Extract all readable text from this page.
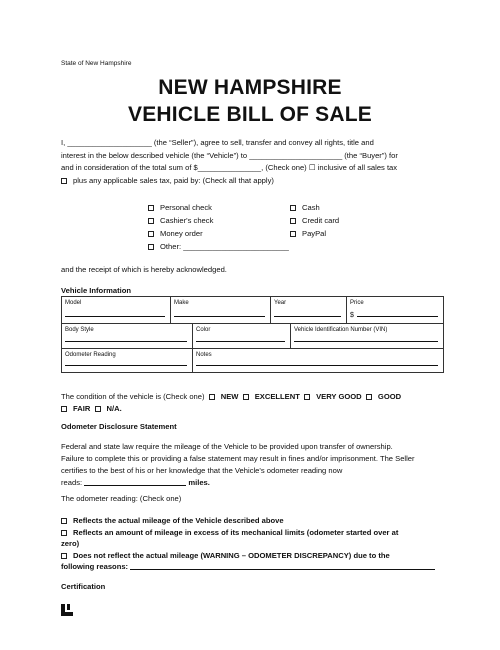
State of New Hampshire
NEW HAMPSHIRE
VEHICLE BILL OF SALE
I, ____________________ (the “Seller”), agree to sell, transfer and convey all rights, title and
interest in the below described vehicle (the “Vehicle”) to ______________________ (the “Buyer”) for
and in consideration of the total sum of $_______________, (Check one) ☐ inclusive of all sales tax
plus any applicable sales tax, paid by: (Check all that apply)
Personal check
Cashier's check
Money order
Other: _________________________
Cash
Credit card
PayPal
and the receipt of which is hereby acknowledged.
Vehicle Information
Model	Make	Year	Price
$
Body Style	Color	Vehicle Identification Number (VIN)
Odometer Reading	Notes
The condition of the vehicle is (Check one) NEW EXCELLENT VERY GOOD GOOD
FAIR N/A.
Odometer Disclosure Statement
Federal and state law require the mileage of the Vehicle to be provided upon transfer of ownership.
Failure to complete this or providing a false statement may result in fines and/or imprisonment. The Seller
certifies to the best of his or her knowledge that the Vehicle's odometer reading now
reads:	miles.
The odometer reading: (Check one)
Reflects the actual mileage of the Vehicle described above
Reflects an amount of mileage in excess of its mechanical limits (odometer started over at
zero)
Does not reflect the actual mileage (WARNING – ODOMETER DISCREPANCY) due to the
following reasons:
Certification
